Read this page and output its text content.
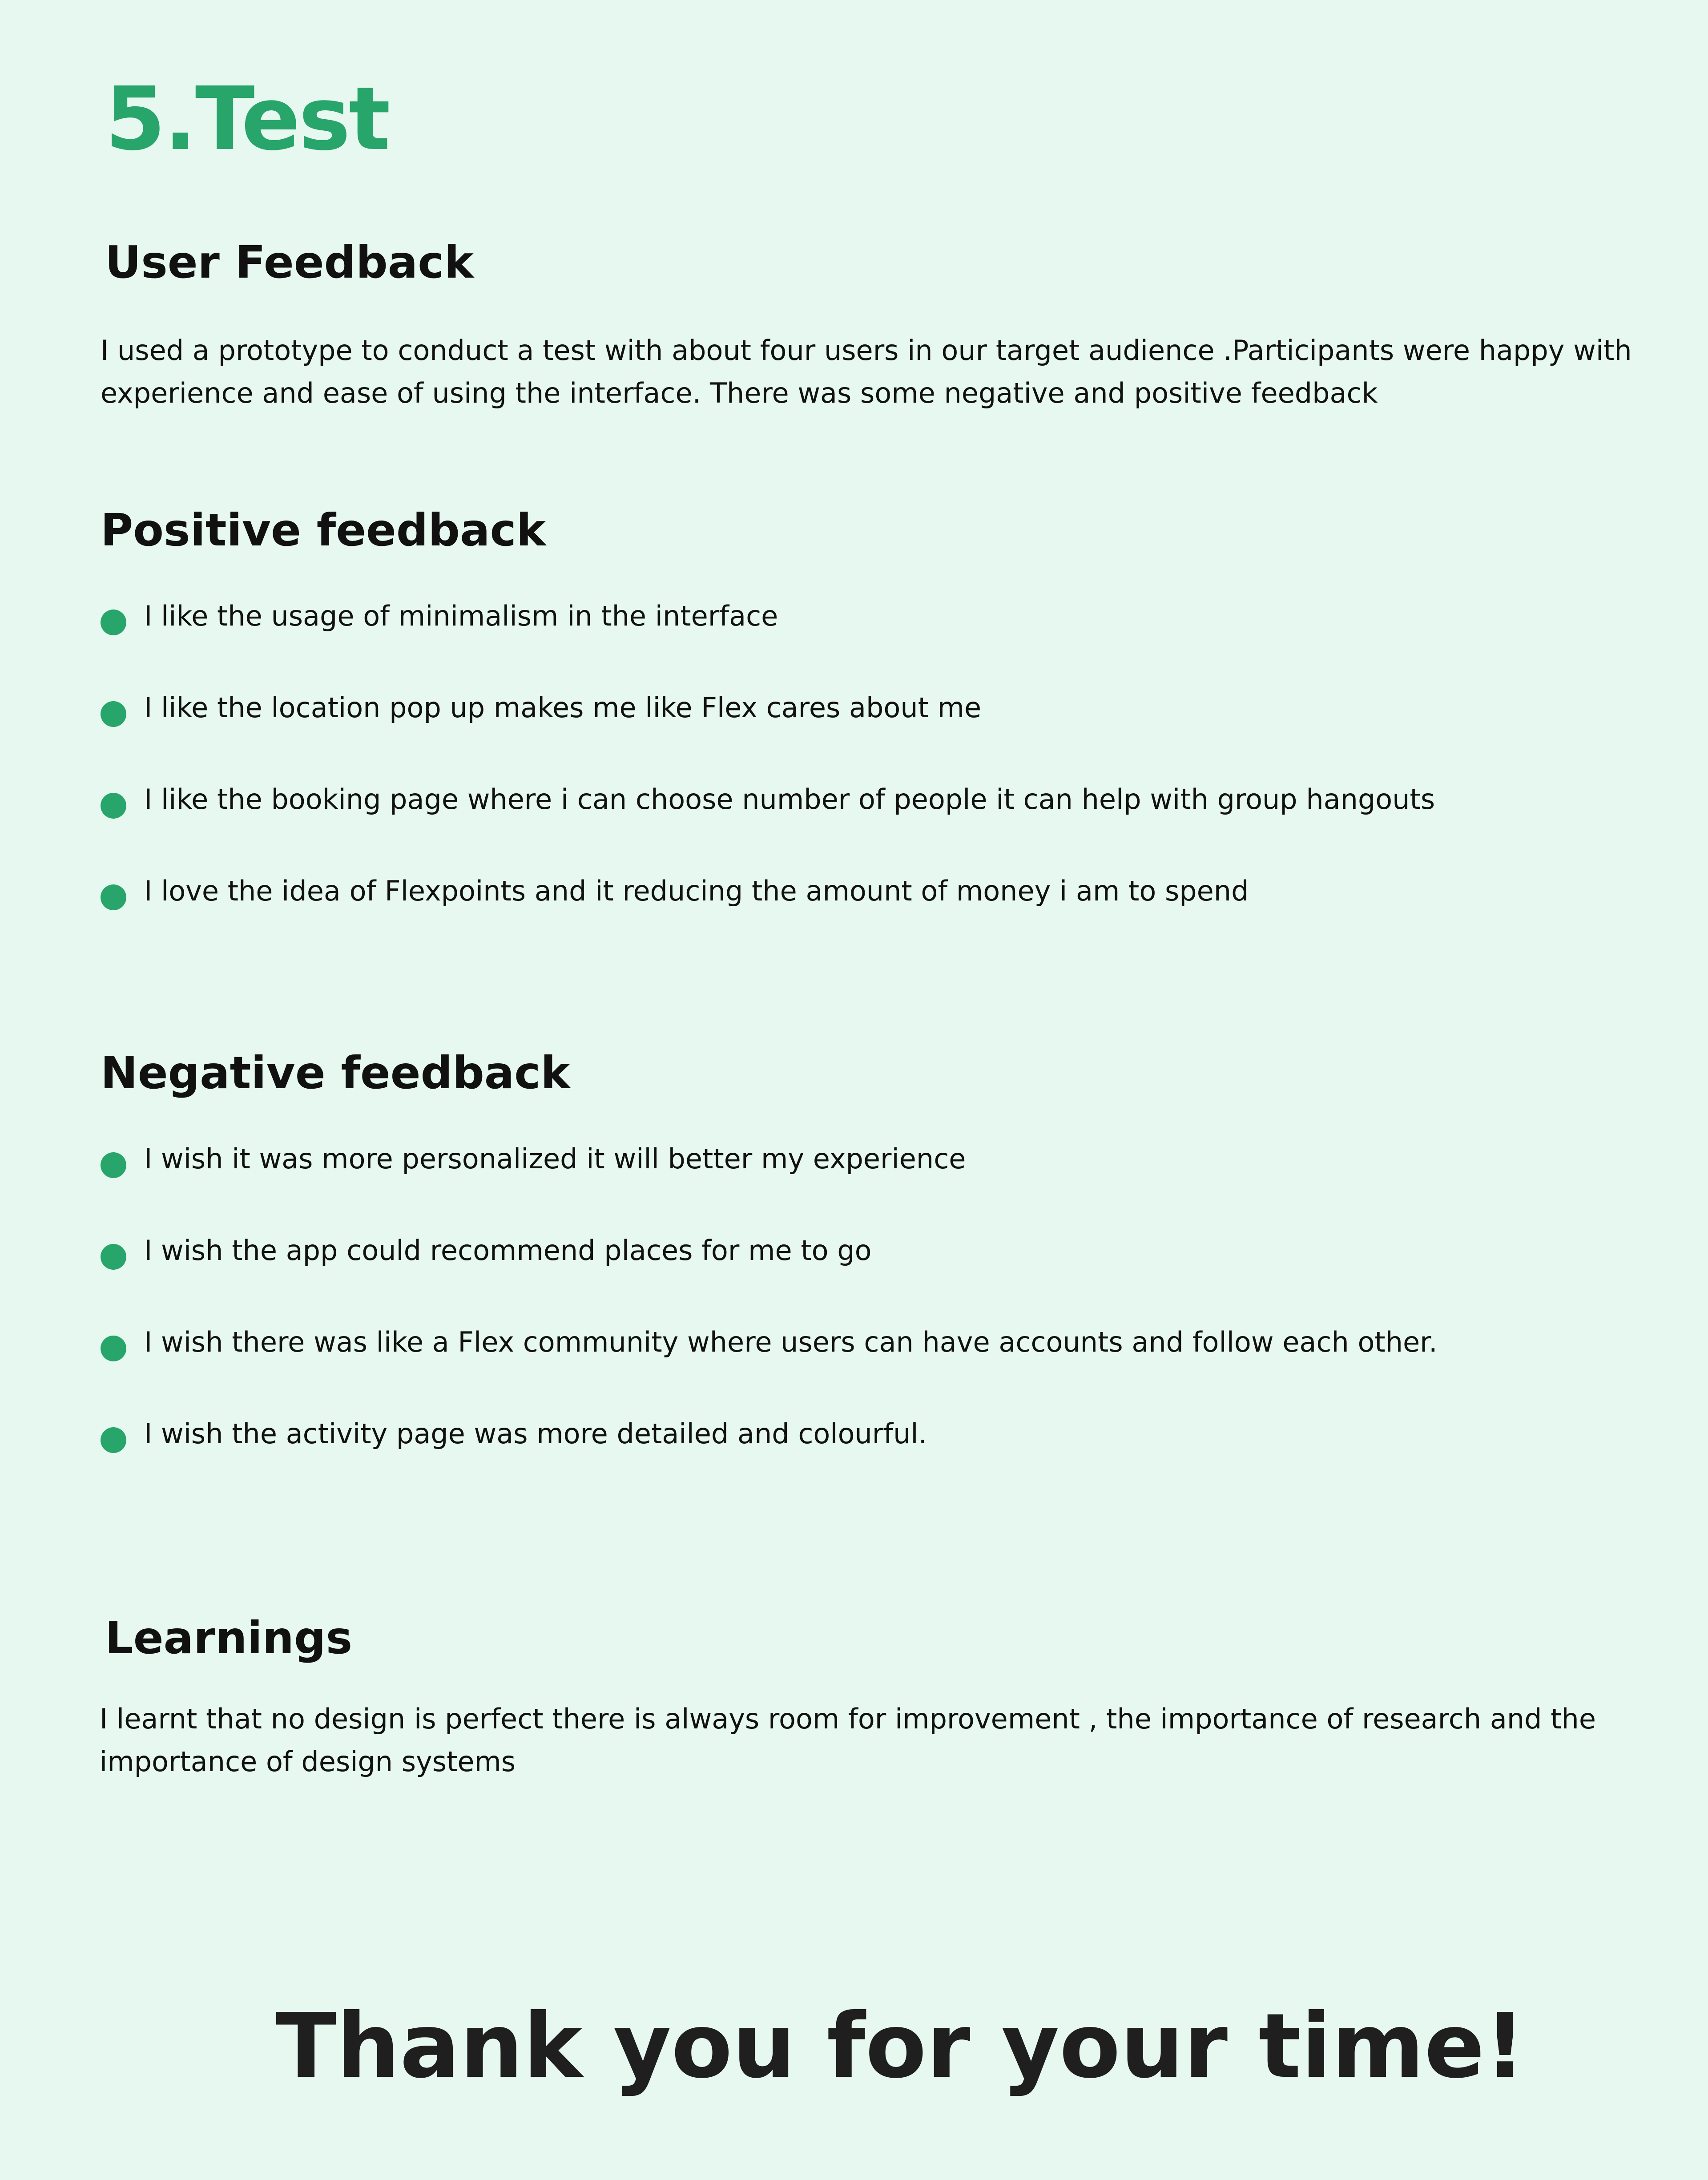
5.Test
User Feedback

I used a prototype to conduct a test with about four users in our target audience .Participants were happy with experience and ease of using the interface. There was some negative and positive feedback

Positive feedback
I like the usage of minimalism in the interface
I like the location pop up makes me like Flex cares about me
I like the booking page where i can choose number of people it can help with group hangouts
I love the idea of Flexpoints and it reducing the amount of money i am to spend
Negative feedback
I wish it was more personalized it will better my experience
I wish the app could recommend places for me to go
I wish there was like a Flex community where users can have accounts and follow each other.
I wish the activity page was more detailed and colourful.
Learnings

I learnt that no design is perfect there is always room for improvement , the importance of research and the importance of design systems

Thank you for your time!
